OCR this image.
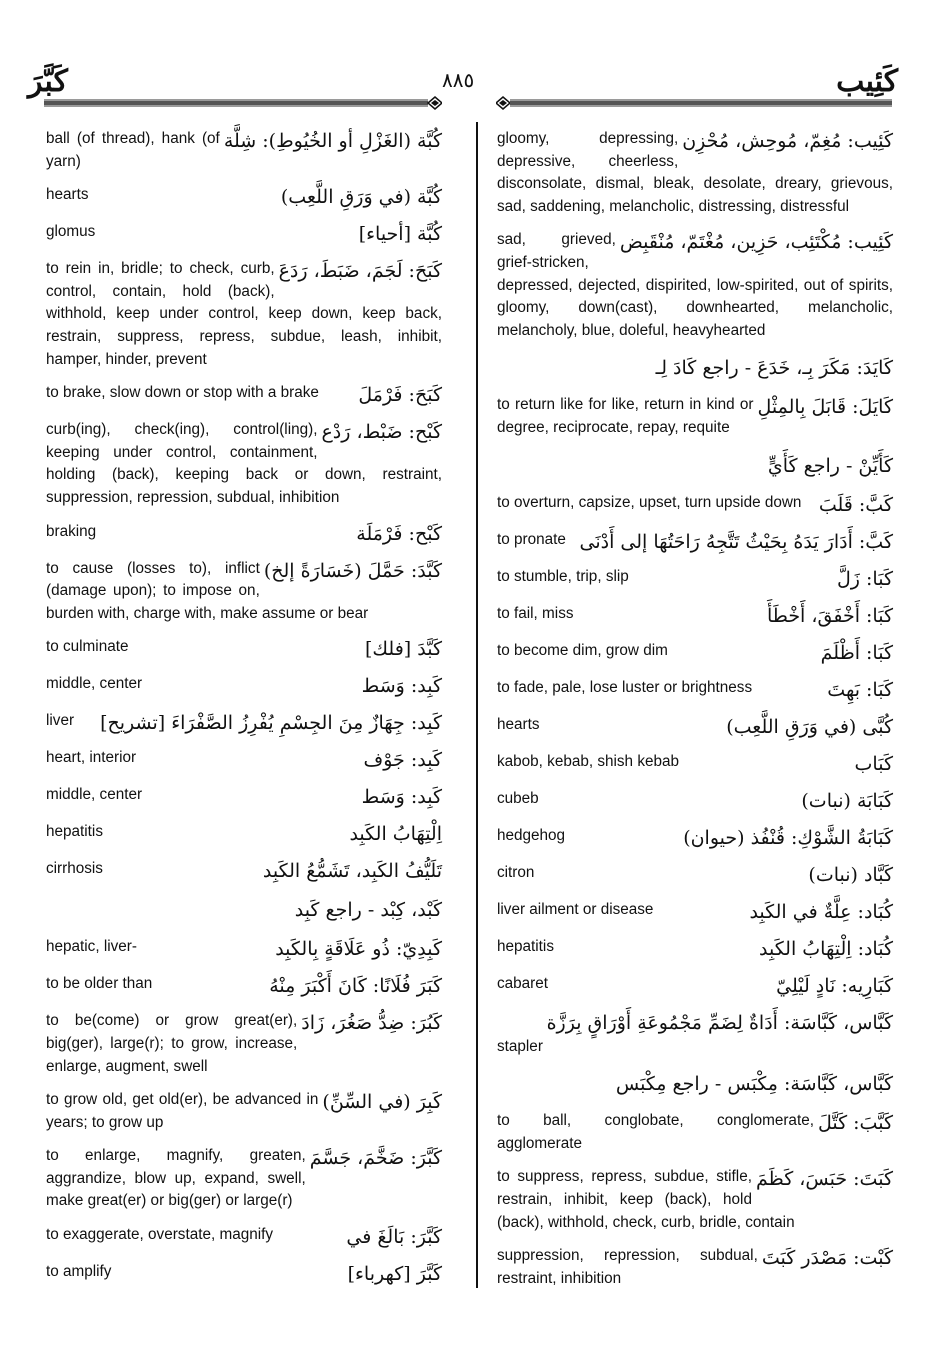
كَبَّرَ	٨٨٥	كَئِيب
كُبَّة (الغَزْلِ أو الخُيُوطِ): شِلَّة
ball (of thread), hank (of yarn)
كُبَّة (في وَرَقِ اللَّعِب)
hearts
كُبَّة [أحياء]
glomus
كَبَحَ: لَجَمَ، ضَبَطَ، رَدَعَ
to rein in, bridle; to check, curb, control, contain, hold (back), withhold, keep under control, keep down, keep back, restrain, suppress, repress, subdue, leash, inhibit, hamper, hinder, prevent
كَبَحَ: فَرْمَلَ
to brake, slow down or stop with a brake
كَبْح: ضَبْط، رَدْع
curb(ing), check(ing), control(ling), keeping under control, containment, holding (back), keeping back or down, restraint, suppression, repression, subdual, inhibition
كَبْح: فَرْمَلَة
braking
كَبَّدَ: حَمَّلَ (خَسَارَةً إلخ)
to cause (losses to), inflict (damage upon); to impose on, burden with, charge with, make assume or bear
كَبَّدَ [فلك]
to culminate
كَبِد: وَسَط
middle, center
كَبِد: جِهَازٌ مِنَ الجِسْمِ يُفْرِزُ الصَّفْرَاءَ [تشريح]
liver
كَبِد: جَوْف
heart, interior
كَبِد: وَسَط
middle, center
اِلْتِهَابُ الكَبِد
hepatitis
تَلَيُّفُ الكَبِد، تَشَمُّعُ الكَبِد
cirrhosis
كَبْد، كِبْد - راجع كَبِد
كَبِدِيّ: ذُو عَلَاقَةٍ بِالكَبِد
hepatic, liver-
كَبَرَ فُلَانًا: كَانَ أَكْبَرَ مِنْهُ
to be older than
كَبُرَ: ضِدُّ صَغُرَ، زَادَ
to be(come) or grow great(er), big(ger), large(r); to grow, increase, enlarge, augment, swell
كَبِرَ (في السِّنِّ)
to grow old, get old(er), be advanced in years; to grow up
كَبَّرَ: ضَخَّمَ، جَسَّمَ
to enlarge, magnify, greaten, aggrandize, blow up, expand, swell, make great(er) or big(ger) or large(r)
كَبَّرَ: بَالَغَ في
to exaggerate, overstate, magnify
كَبَّرَ [كهرباء]
to amplify
كَئِيب: مُغِمّ، مُوحِش، مُحْزِن
gloomy, depressing, depressive, cheerless, disconsolate, dismal, bleak, desolate, dreary, grievous, sad, saddening, melancholic, distressing, distressful
كَئِيب: مُكْتَئِب، حَزِين، مُغْتَمّ، مُنْقَبِض
sad, grieved, grief-stricken, depressed, dejected, dispirited, low-spirited, out of spirits, gloomy, down(cast), downhearted, melancholic, melancholy, blue, doleful, heavyhearted
كَايَدَ: مَكَرَ بِـ، خَدَعَ - راجع كَادَ لِـ
كَايَلَ: قَابَلَ بِالمِثْلِ
to return like for like, return in kind or degree, reciprocate, repay, requite
كَأَيِّنْ - راجع كَأَيٍّ
كَبَّ: قَلَبَ
to overturn, capsize, upset, turn upside down
كَبَّ: أَدَارَ يَدَهُ بِحَيْثُ تَتَّجِهُ رَاحَتُهَا إلى أَدْنَى
to pronate
كَبَا: زَلَّ
to stumble, trip, slip
كَبَا: أَخْفَقَ، أَخْطَأَ
to fail, miss
كَبَا: أَظْلَمَ
to become dim, grow dim
كَبَا: بَهِتَ
to fade, pale, lose luster or brightness
كُبَّى (في وَرَقِ اللَّعِب)
hearts
كَبَاب
kabob, kebab, shish kebab
كَبَابَة (نبات)
cubeb
كَبَابَةُ الشَّوْكِ: قُنْفُذ (حيوان)
hedgehog
كَبَّاد (نبات)
citron
كُبَاد: عِلَّةٌ في الكَبِد
liver ailment or disease
كُبَاد: اِلْتِهَابُ الكَبِد
hepatitis
كَبَارِيه: نَادٍ لَيْلِيّ
cabaret
كَبَّاس، كَبَّاسَة: أَدَاةٌ لِضَمِّ مَجْمُوعَةِ أَوْرَاقٍ بِرَزَّة
stapler
كَبَّاس، كَبَّاسَة: مِكْبَس - راجع مِكْبَس
كَبَّبَ: كَتَّلَ
to ball, conglobate, conglomerate, agglomerate
كَبَتَ: حَبَسَ، كَظَمَ
to suppress, repress, subdue, stifle, restrain, inhibit, keep (back), hold (back), withhold, check, curb, bridle, contain
كَبْت: مَصْدَر كَبَتَ
suppression, repression, subdual, restraint, inhibition
